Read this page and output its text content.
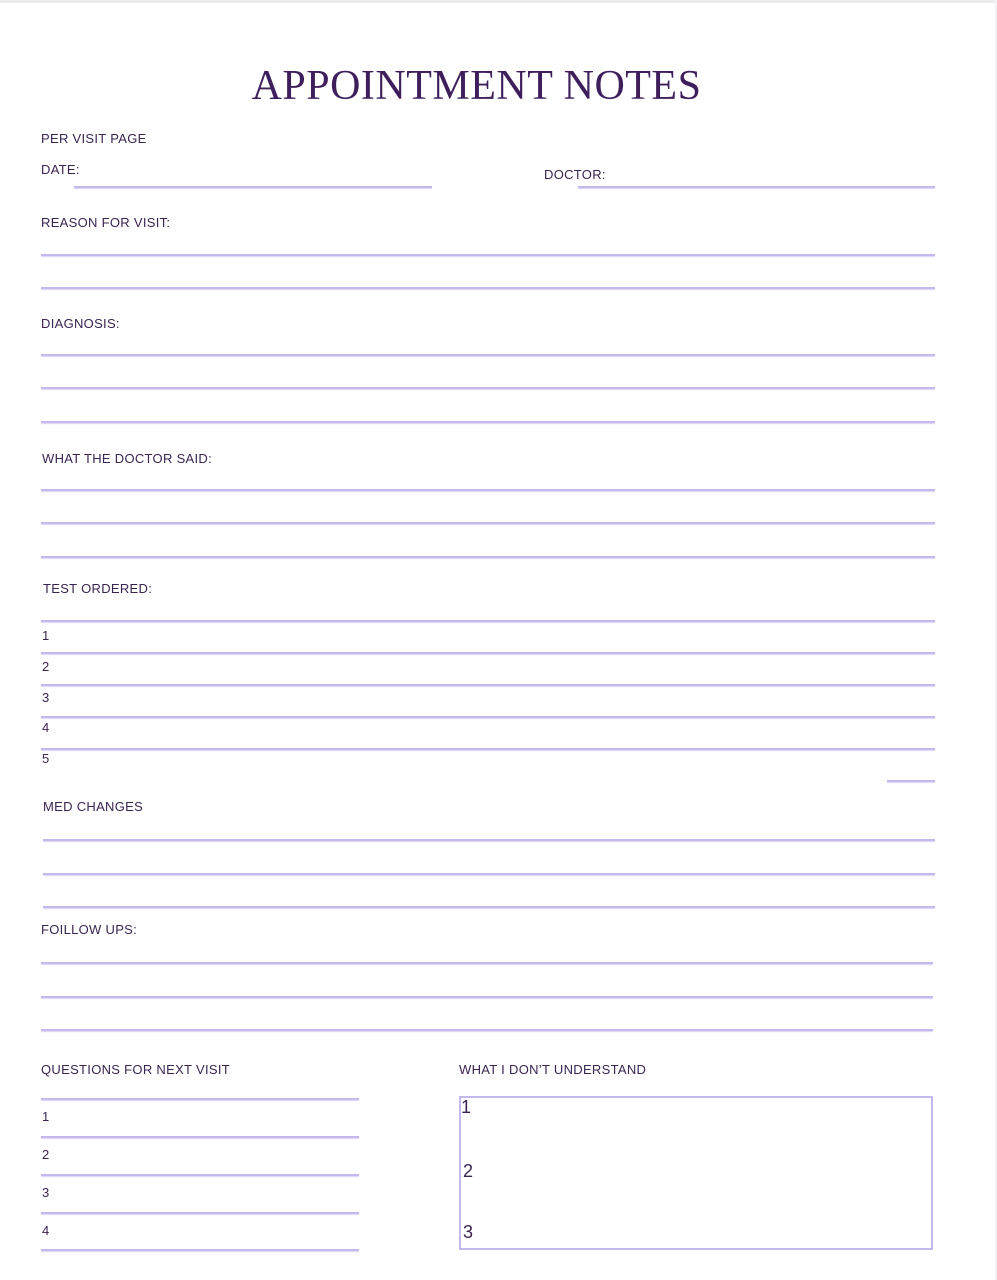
APPOINTMENT NOTES
PER VISIT PAGE
DATE:	DOCTOR:
REASON FOR VISIT:
DIAGNOSIS:
WHAT THE DOCTOR SAID:
TEST ORDERED:
1
2
3
4
5
MED CHANGES
FOILLOW UPS:
QUESTIONS FOR NEXT VISIT
1
2
3
4
WHAT I DON’T UNDERSTAND
1
2
3
